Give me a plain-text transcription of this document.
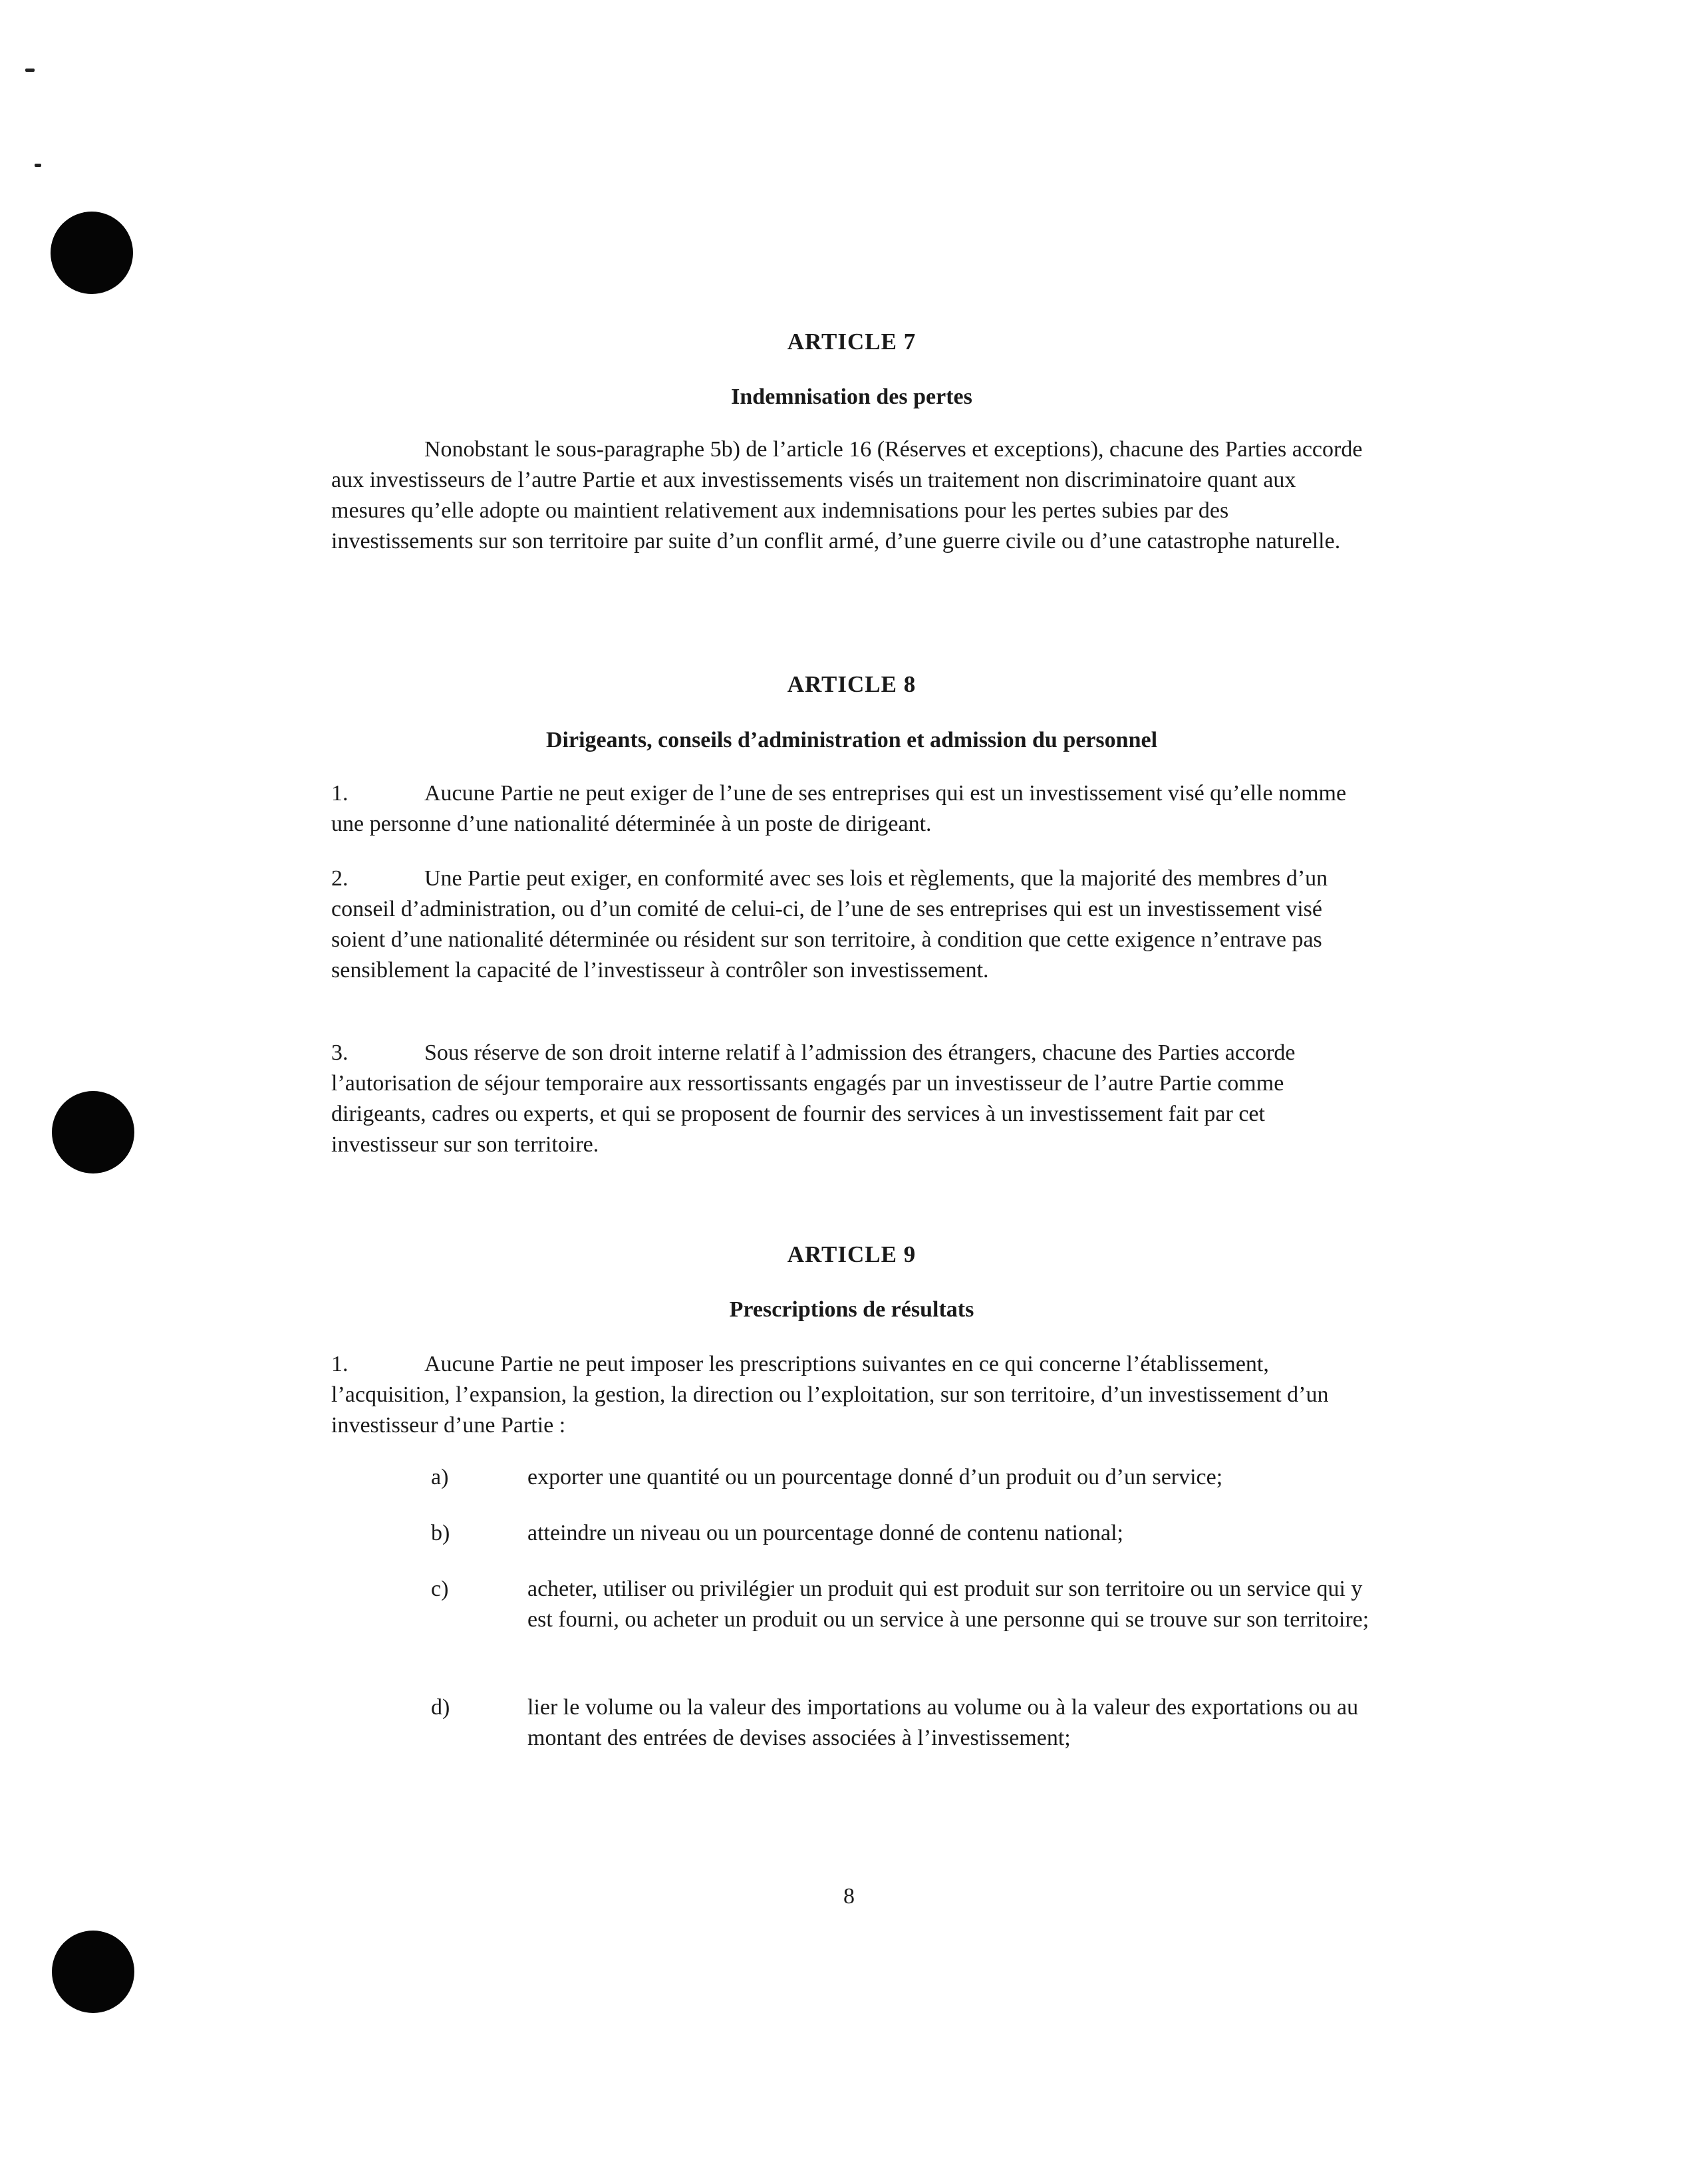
ARTICLE 7
Indemnisation des pertes

Nonobstant le sous-paragraphe 5b) de l’article 16 (Réserves et exceptions), chacune des Parties accorde aux investisseurs de l’autre Partie et aux investissements visés un traitement non discriminatoire quant aux mesures qu’elle adopte ou maintient relativement aux indemnisations pour les pertes subies par des investissements sur son territoire par suite d’un conflit armé, d’une guerre civile ou d’une catastrophe naturelle.

ARTICLE 8
Dirigeants, conseils d’administration et admission du personnel

1.	Aucune Partie ne peut exiger de l’une de ses entreprises qui est un investissement visé qu’elle nomme une personne d’une nationalité déterminée à un poste de dirigeant.

2.	Une Partie peut exiger, en conformité avec ses lois et règlements, que la majorité des membres d’un conseil d’administration, ou d’un comité de celui-ci, de l’une de ses entreprises qui est un investissement visé soient d’une nationalité déterminée ou résident sur son territoire, à condition que cette exigence n’entrave pas sensiblement la capacité de l’investisseur à contrôler son investissement.

3.	Sous réserve de son droit interne relatif à l’admission des étrangers, chacune des Parties accorde l’autorisation de séjour temporaire aux ressortissants engagés par un investisseur de l’autre Partie comme dirigeants, cadres ou experts, et qui se proposent de fournir des services à un investissement fait par cet investisseur sur son territoire.

ARTICLE 9
Prescriptions de résultats

1.	Aucune Partie ne peut imposer les prescriptions suivantes en ce qui concerne l’établissement, l’acquisition, l’expansion, la gestion, la direction ou l’exploitation, sur son territoire, d’un investissement d’un investisseur d’une Partie :

a)	exporter une quantité ou un pourcentage donné d’un produit ou d’un service;
b)	atteindre un niveau ou un pourcentage donné de contenu national;
c)	acheter, utiliser ou privilégier un produit qui est produit sur son territoire ou un service qui y est fourni, ou acheter un produit ou un service à une personne qui se trouve sur son territoire;
d)	lier le volume ou la valeur des importations au volume ou à la valeur des exportations ou au montant des entrées de devises associées à l’investissement;
8
